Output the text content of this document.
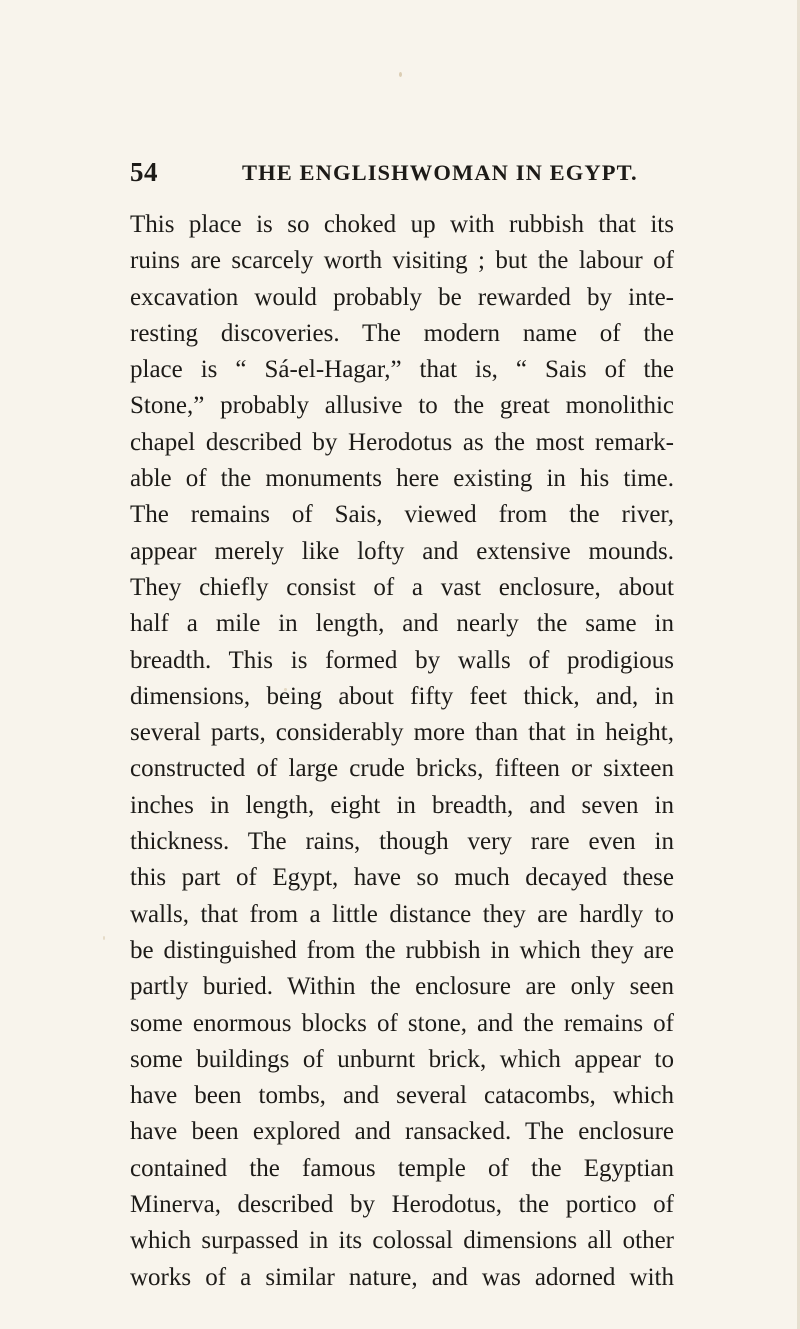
54	THE ENGLISHWOMAN IN EGYPT.
This place is so choked up with rubbish that its
ruins are scarcely worth visiting ; but the labour of
excavation would probably be rewarded by inte-
resting discoveries. The modern name of the
place is “ Sá-el-Hagar,” that is, “ Sais of the
Stone,” probably allusive to the great monolithic
chapel described by Herodotus as the most remark-
able of the monuments here existing in his time.
The remains of Sais, viewed from the river,
appear merely like lofty and extensive mounds.
They chiefly consist of a vast enclosure, about
half a mile in length, and nearly the same in
breadth. This is formed by walls of prodigious
dimensions, being about fifty feet thick, and, in
several parts, considerably more than that in height,
constructed of large crude bricks, fifteen or sixteen
inches in length, eight in breadth, and seven in
thickness. The rains, though very rare even in
this part of Egypt, have so much decayed these
walls, that from a little distance they are hardly to
be distinguished from the rubbish in which they are
partly buried. Within the enclosure are only seen
some enormous blocks of stone, and the remains of
some buildings of unburnt brick, which appear to
have been tombs, and several catacombs, which
have been explored and ransacked. The enclosure
contained the famous temple of the Egyptian
Minerva, described by Herodotus, the portico of
which surpassed in its colossal dimensions all other
works of a similar nature, and was adorned with
